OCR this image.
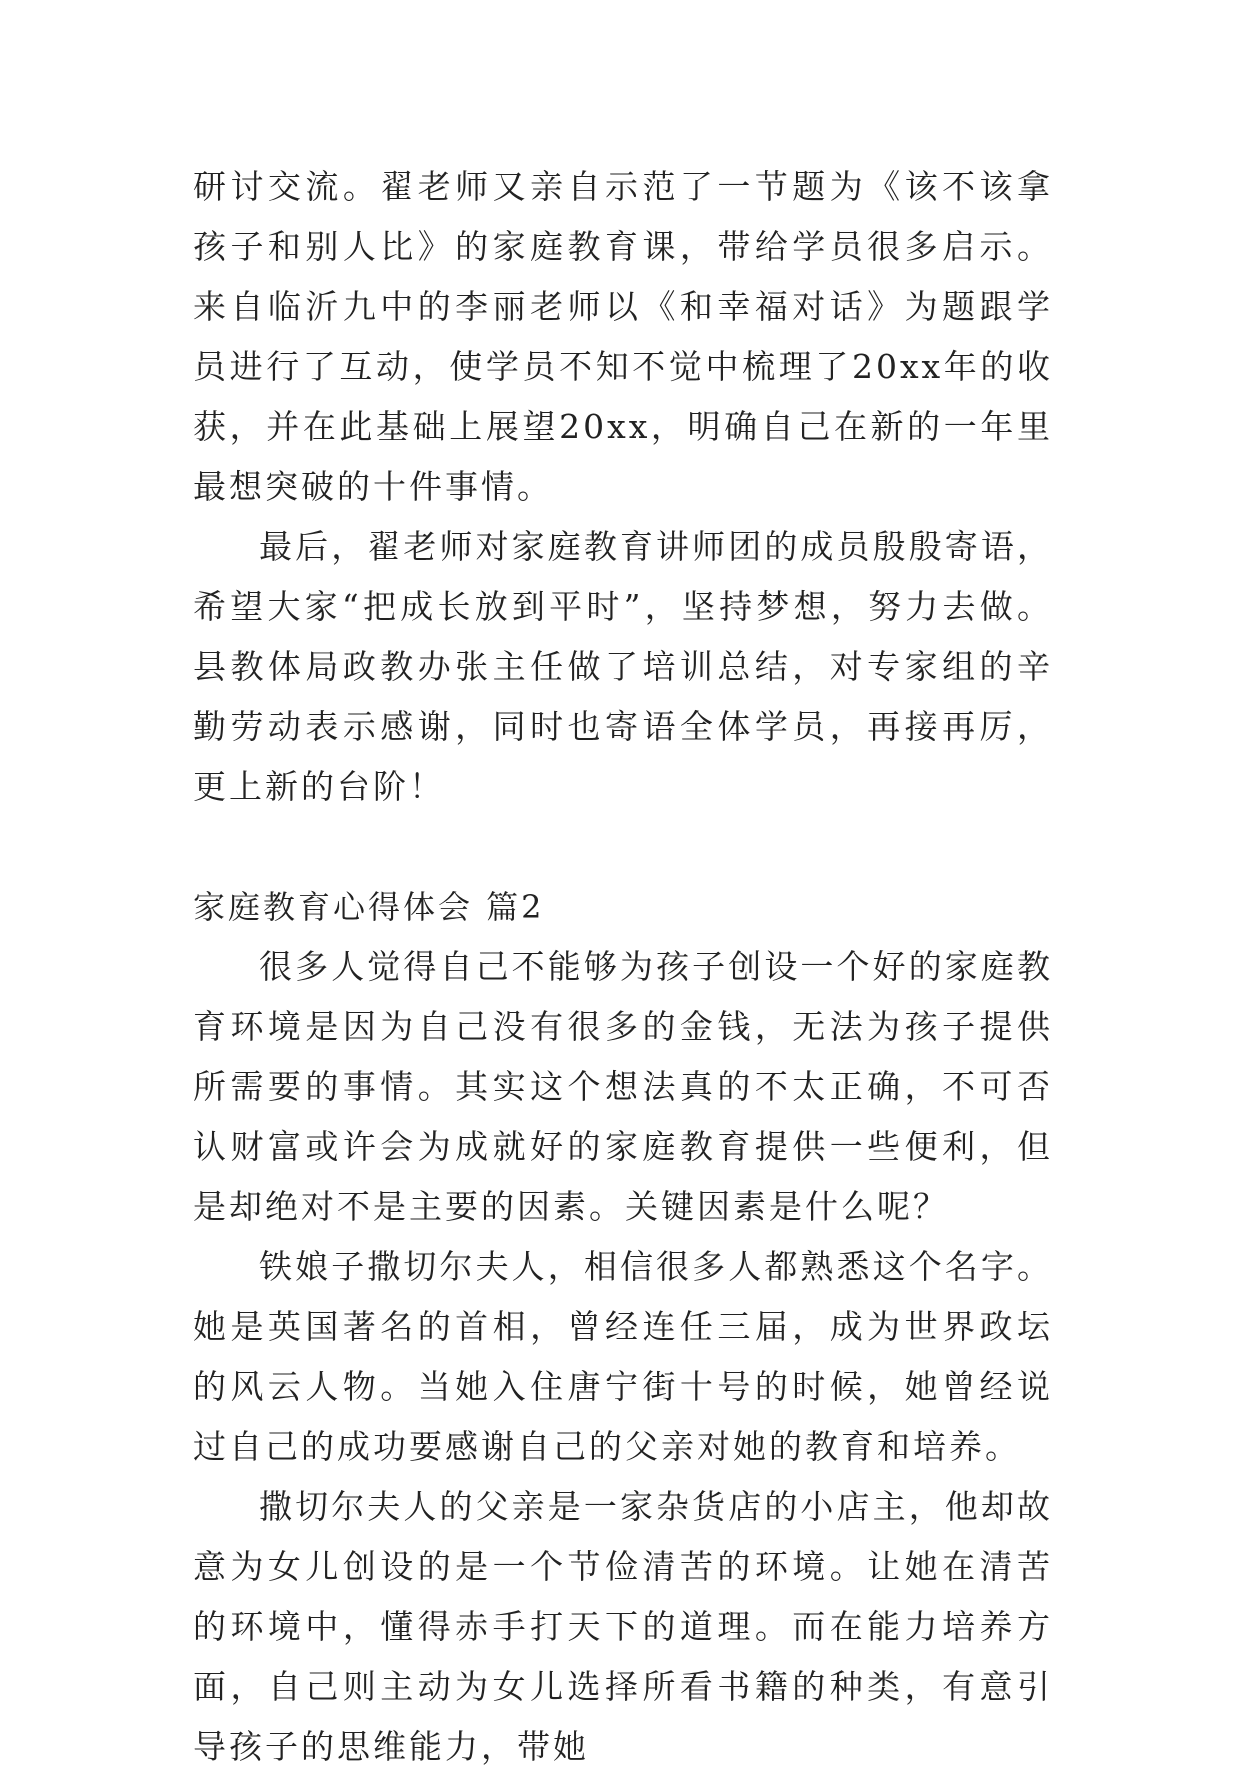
研讨交流。翟老师又亲自示范了一节题为《该不该拿孩子和别人比》的家庭教育课，带给学员很多启示。来自临沂九中的李丽老师以《和幸福对话》为题跟学员进行了互动，使学员不知不觉中梳理了20xx年的收获，并在此基础上展望20xx，明确自己在新的一年里最想突破的十件事情。

最后，翟老师对家庭教育讲师团的成员殷殷寄语，希望大家“把成长放到平时”，坚持梦想，努力去做。县教体局政教办张主任做了培训总结，对专家组的辛勤劳动表示感谢，同时也寄语全体学员，再接再厉，更上新的台阶！

家庭教育心得体会 篇2

很多人觉得自己不能够为孩子创设一个好的家庭教育环境是因为自己没有很多的金钱，无法为孩子提供所需要的事情。其实这个想法真的不太正确，不可否认财富或许会为成就好的家庭教育提供一些便利，但是却绝对不是主要的因素。关键因素是什么呢？

铁娘子撒切尔夫人，相信很多人都熟悉这个名字。她是英国著名的首相，曾经连任三届，成为世界政坛的风云人物。当她入住唐宁街十号的时候，她曾经说过自己的成功要感谢自己的父亲对她的教育和培养。

撒切尔夫人的父亲是一家杂货店的小店主，他却故意为女儿创设的是一个节俭清苦的环境。让她在清苦的环境中，懂得赤手打天下的道理。而在能力培养方面，自己则主动为女儿选择所看书籍的种类，有意引导孩子的思维能力，带她
